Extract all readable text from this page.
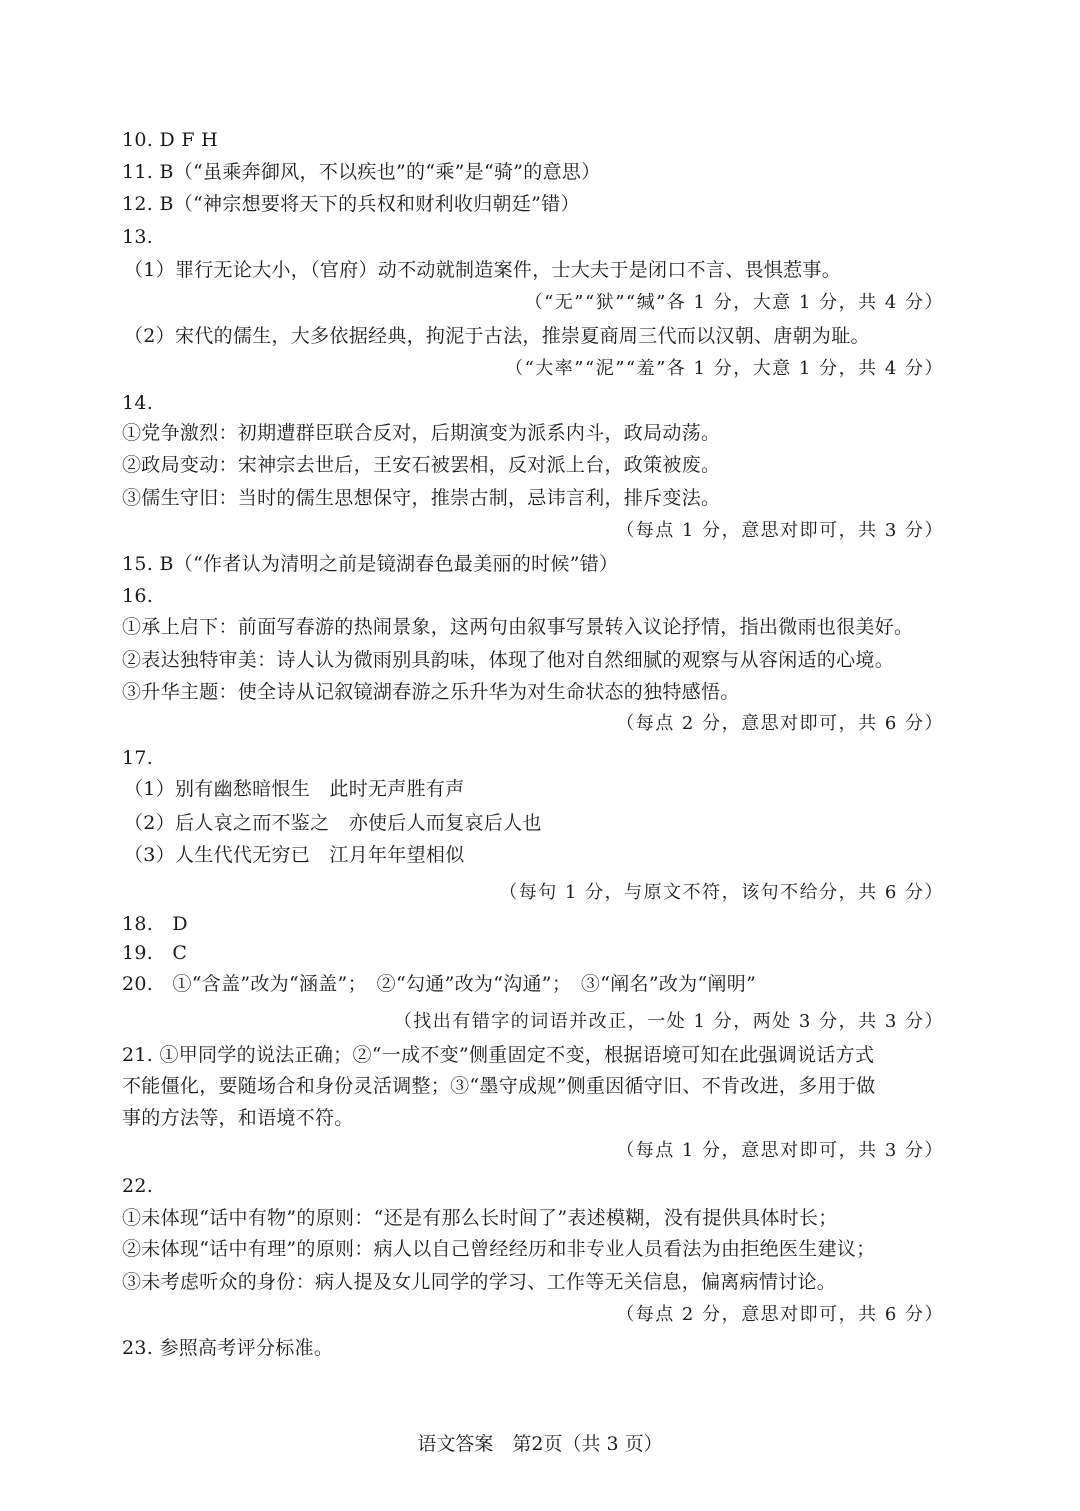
10. D F H
11. B（“虽乘奔御风，不以疾也”的“乘”是“骑”的意思）
12. B（“神宗想要将天下的兵权和财利收归朝廷”错）
13.
（1）罪行无论大小，（官府）动不动就制造案件，士大夫于是闭口不言、畏惧惹事。
（“无”“狱”“缄”各 1 分，大意 1 分，共 4 分）
（2）宋代的儒生，大多依据经典，拘泥于古法，推崇夏商周三代而以汉朝、唐朝为耻。
（“大率”“泥”“羞”各 1 分，大意 1 分，共 4 分）
14.
①党争激烈：初期遭群臣联合反对，后期演变为派系内斗，政局动荡。
②政局变动：宋神宗去世后，王安石被罢相，反对派上台，政策被废。
③儒生守旧：当时的儒生思想保守，推崇古制，忌讳言利，排斥变法。
（每点 1 分，意思对即可，共 3 分）
15. B（“作者认为清明之前是镜湖春色最美丽的时候”错）
16.
①承上启下：前面写春游的热闹景象，这两句由叙事写景转入议论抒情，指出微雨也很美好。
②表达独特审美：诗人认为微雨别具韵味，体现了他对自然细腻的观察与从容闲适的心境。
③升华主题：使全诗从记叙镜湖春游之乐升华为对生命状态的独特感悟。
（每点 2 分，意思对即可，共 6 分）
17.
（1）别有幽愁暗恨生　此时无声胜有声
（2）后人哀之而不鉴之　亦使后人而复哀后人也
（3）人生代代无穷已　江月年年望相似
（每句 1 分，与原文不符，该句不给分，共 6 分）
18.　D
19.　C
20.　①“含盖”改为“涵盖”；　②“勾通”改为“沟通”；　③“阐名”改为“阐明”
（找出有错字的词语并改正，一处 1 分，两处 3 分，共 3 分）
21. ①甲同学的说法正确；②“一成不变”侧重固定不变，根据语境可知在此强调说话方式
不能僵化，要随场合和身份灵活调整；③“墨守成规”侧重因循守旧、不肯改进，多用于做
事的方法等，和语境不符。
（每点 1 分，意思对即可，共 3 分）
22.
①未体现“话中有物”的原则：“还是有那么长时间了”表述模糊，没有提供具体时长；
②未体现“话中有理”的原则：病人以自己曾经经历和非专业人员看法为由拒绝医生建议；
③未考虑听众的身份：病人提及女儿同学的学习、工作等无关信息，偏离病情讨论。
（每点 2 分，意思对即可，共 6 分）
23. 参照高考评分标准。
语文答案　第2页（共 3 页）
